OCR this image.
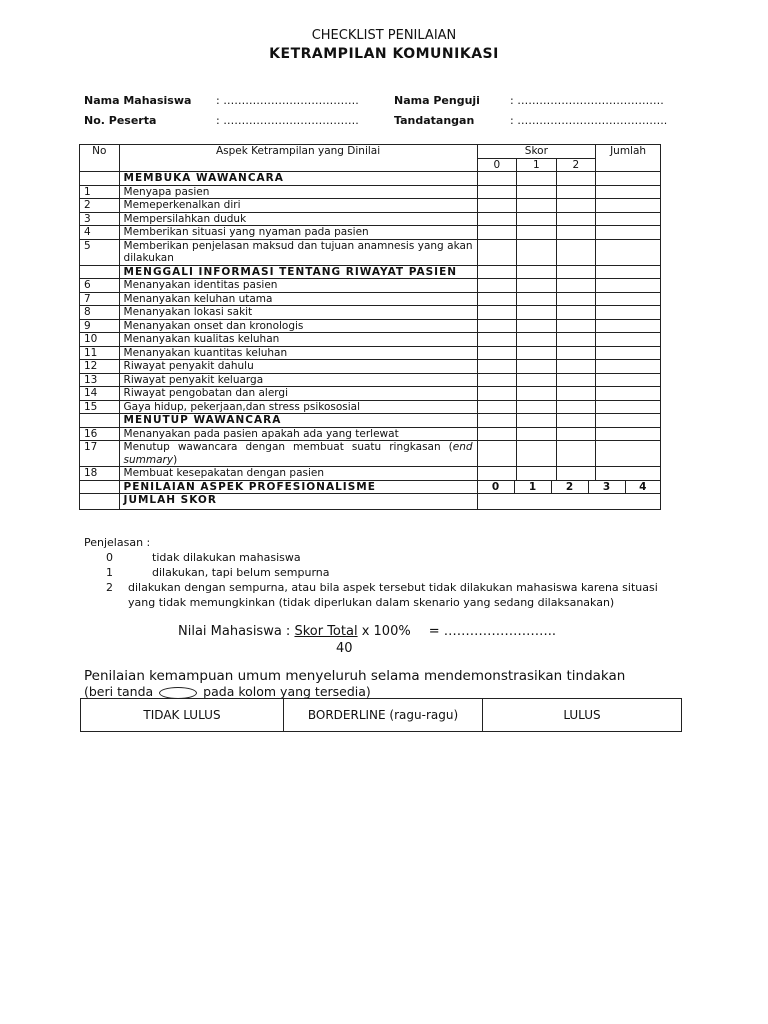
CHECKLIST PENILAIAN
KETRAMPILAN KOMUNIKASI
Nama Mahasiswa : ……………………………….	Nama Penguji	: ………………………………….
No. Peserta	: ……………………………….	Tandatangan	: …………………………………..
No	Aspek Ketrampilan yang Dinilai	Skor			Jumlah
		0	1	2	
	MEMBUKA WAWANCARA				
1	Menyapa pasien				
2	Memeperkenalkan diri				
3	Mempersilahkan duduk				
4	Memberikan situasi yang nyaman pada pasien				
5	Memberikan penjelasan maksud dan tujuan anamnesis yang akan dilakukan				
	MENGGALI INFORMASI TENTANG RIWAYAT PASIEN				
6	Menanyakan identitas pasien				
7	Menanyakan keluhan utama				
8	Menanyakan lokasi sakit				
9	Menanyakan onset dan kronologis				
10	Menanyakan kualitas keluhan				
11	Menanyakan kuantitas keluhan				
12	Riwayat penyakit dahulu				
13	Riwayat penyakit keluarga				
14	Riwayat pengobatan dan alergi				
15	Gaya hidup, pekerjaan,dan stress psikososial				
	MENUTUP WAWANCARA				
16	Menanyakan pada pasien apakah ada yang terlewat				
17	Menutup wawancara dengan membuat suatu ringkasan (end summary)				
18	Membuat kesepakatan dengan pasien				
	PENILAIAN ASPEK PROFESIONALISME	0 1 2 3 4			

	JUMLAH SKOR				
Penjelasan :
0	tidak dilakukan mahasiswa
1	dilakukan, tapi belum sempurna
2 dilakukan dengan sempurna, atau bila aspek tersebut tidak dilakukan mahasiswa karena situasi
yang tidak memungkinkan (tidak diperlukan dalam skenario yang sedang dilaksanakan)
Nilai Mahasiswa : Skor Total x 100% = ……………………..
40
Penilaian kemampuan umum menyeluruh selama mendemonstrasikan tindakan
(beri tanda	pada kolom yang tersedia)
TIDAK LULUS	BORDERLINE (ragu-ragu)	LULUS
